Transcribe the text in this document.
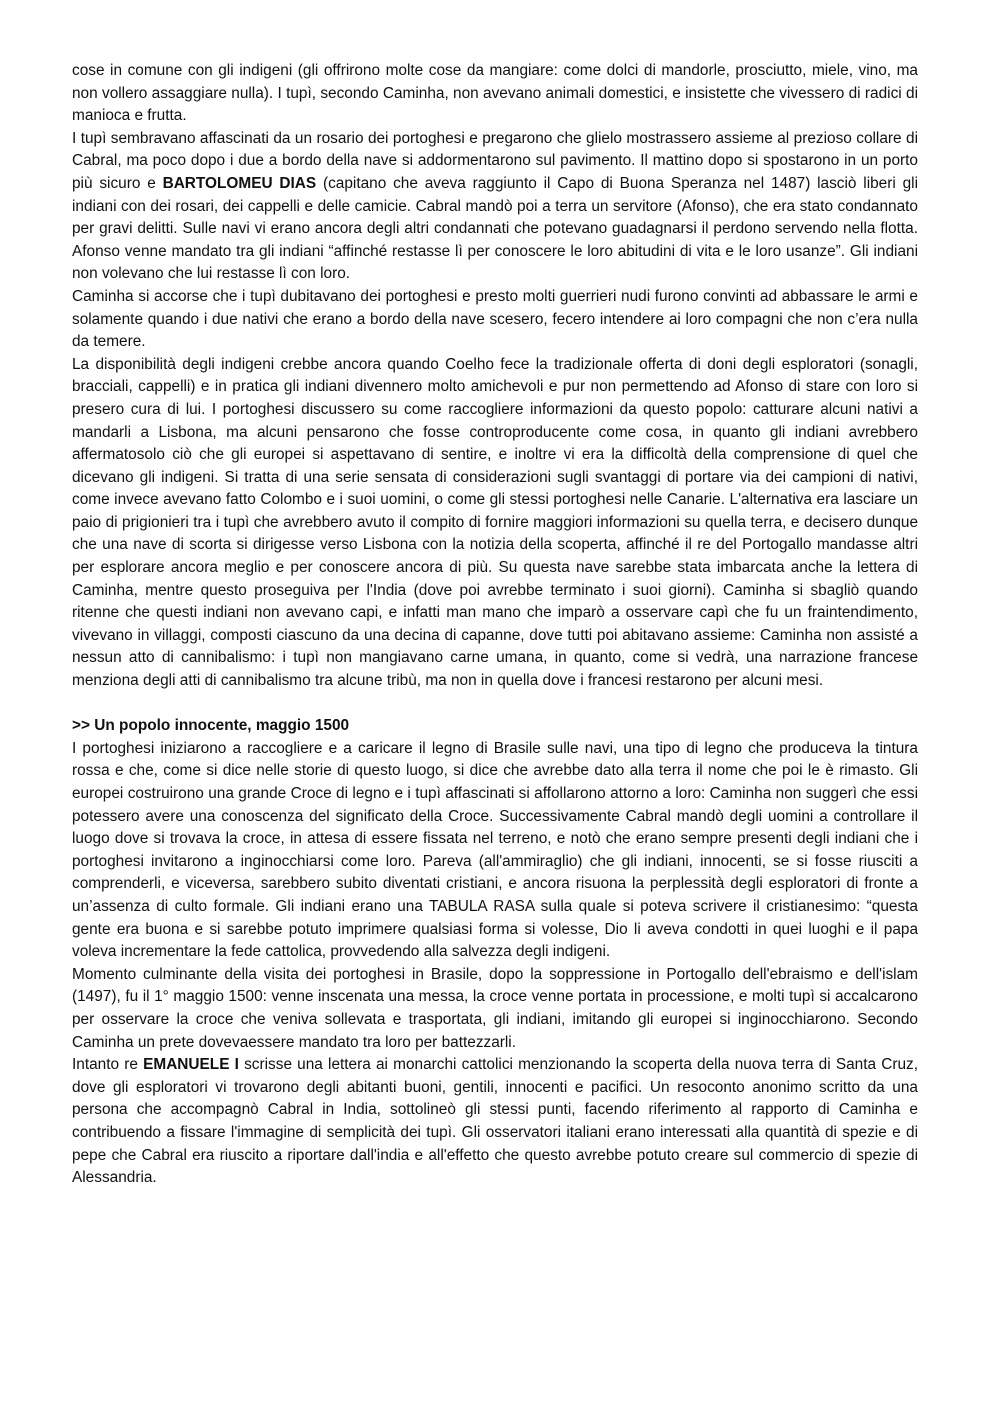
cose in comune con gli indigeni (gli offrirono molte cose da mangiare: come dolci di mandorle, prosciutto, miele, vino, ma non vollero assaggiare nulla). I tupì, secondo Caminha, non avevano animali domestici, e insistette che vivessero di radici di manioca e frutta.

I tupì sembravano affascinati da un rosario dei portoghesi e pregarono che glielo mostrassero assieme al prezioso collare di Cabral, ma poco dopo i due a bordo della nave si addormentarono sul pavimento. Il mattino dopo si spostarono in un porto più sicuro e BARTOLOMEU DIAS (capitano che aveva raggiunto il Capo di Buona Speranza nel 1487) lasciò liberi gli indiani con dei rosari, dei cappelli e delle camicie. Cabral mandò poi a terra un servitore (Afonso), che era stato condannato per gravi delitti. Sulle navi vi erano ancora degli altri condannati che potevano guadagnarsi il perdono servendo nella flotta. Afonso venne mandato tra gli indiani “affinché restasse lì per conoscere le loro abitudini di vita e le loro usanze”. Gli indiani non volevano che lui restasse lì con loro.

Caminha si accorse che i tupì dubitavano dei portoghesi e presto molti guerrieri nudi furono convinti ad abbassare le armi e solamente quando i due nativi che erano a bordo della nave scesero, fecero intendere ai loro compagni che non c’era nulla da temere.

La disponibilità degli indigeni crebbe ancora quando Coelho fece la tradizionale offerta di doni degli esploratori (sonagli, bracciali, cappelli) e in pratica gli indiani divennero molto amichevoli e pur non permettendo ad Afonso di stare con loro si presero cura di lui. I portoghesi discussero su come raccogliere informazioni da questo popolo: catturare alcuni nativi a mandarli a Lisbona, ma alcuni pensarono che fosse controproducente come cosa, in quanto gli indiani avrebbero affermatosolo ciò che gli europei si aspettavano di sentire, e inoltre vi era la difficoltà della comprensione di quel che dicevano gli indigeni. Si tratta di una serie sensata di considerazioni sugli svantaggi di portare via dei campioni di nativi, come invece avevano fatto Colombo e i suoi uomini, o come gli stessi portoghesi nelle Canarie. L'alternativa era lasciare un paio di prigionieri tra i tupì che avrebbero avuto il compito di fornire maggiori informazioni su quella terra, e decisero dunque che una nave di scorta si dirigesse verso Lisbona con la notizia della scoperta, affinché il re del Portogallo mandasse altri per esplorare ancora meglio e per conoscere ancora di più. Su questa nave sarebbe stata imbarcata anche la lettera di Caminha, mentre questo proseguiva per l'India (dove poi avrebbe terminato i suoi giorni). Caminha si sbagliò quando ritenne che questi indiani non avevano capi, e infatti man mano che imparò a osservare capì che fu un fraintendimento, vivevano in villaggi, composti ciascuno da una decina di capanne, dove tutti poi abitavano assieme: Caminha non assisté a nessun atto di cannibalismo: i tupì non mangiavano carne umana, in quanto, come si vedrà, una narrazione francese menziona degli atti di cannibalismo tra alcune tribù, ma non in quella dove i francesi restarono per alcuni mesi.

>> Un popolo innocente, maggio 1500

I portoghesi iniziarono a raccogliere e a caricare il legno di Brasile sulle navi, una tipo di legno che produceva la tintura rossa e che, come si dice nelle storie di questo luogo, si dice che avrebbe dato alla terra il nome che poi le è rimasto. Gli europei costruirono una grande Croce di legno e i tupì affascinati si affollarono attorno a loro: Caminha non suggerì che essi potessero avere una conoscenza del significato della Croce. Successivamente Cabral mandò degli uomini a controllare il luogo dove si trovava la croce, in attesa di essere fissata nel terreno, e notò che erano sempre presenti degli indiani che i portoghesi invitarono a inginocchiarsi come loro. Pareva (all'ammiraglio) che gli indiani, innocenti, se si fosse riusciti a comprenderli, e viceversa, sarebbero subito diventati cristiani, e ancora risuona la perplessità degli esploratori di fronte a un’assenza di culto formale. Gli indiani erano una TABULA RASA sulla quale si poteva scrivere il cristianesimo: “questa gente era buona e si sarebbe potuto imprimere qualsiasi forma si volesse, Dio li aveva condotti in quei luoghi e il papa voleva incrementare la fede cattolica, provvedendo alla salvezza degli indigeni.

Momento culminante della visita dei portoghesi in Brasile, dopo la soppressione in Portogallo dell'ebraismo e dell'islam (1497), fu il 1° maggio 1500: venne inscenata una messa, la croce venne portata in processione, e molti tupì si accalcarono per osservare la croce che veniva sollevata e trasportata, gli indiani, imitando gli europei si inginocchiarono. Secondo Caminha un prete dovevaessere mandato tra loro per battezzarli.

Intanto re EMANUELE I scrisse una lettera ai monarchi cattolici menzionando la scoperta della nuova terra di Santa Cruz, dove gli esploratori vi trovarono degli abitanti buoni, gentili, innocenti e pacifici. Un resoconto anonimo scritto da una persona che accompagnò Cabral in India, sottolineò gli stessi punti, facendo riferimento al rapporto di Caminha e contribuendo a fissare l'immagine di semplicità dei tupì. Gli osservatori italiani erano interessati alla quantità di spezie e di pepe che Cabral era riuscito a riportare dall'india e all'effetto che questo avrebbe potuto creare sul commercio di spezie di Alessandria.
